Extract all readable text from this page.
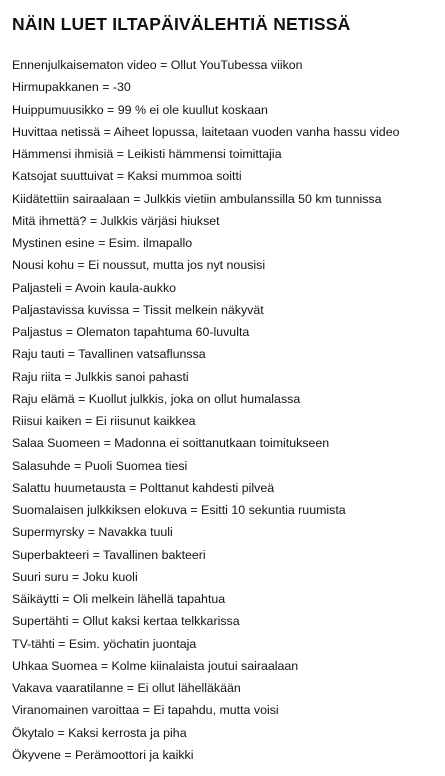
NÄIN LUET ILTAPÄIVÄLEHTIÄ NETISSÄ
Ennenjulkaisematon video = Ollut YouTubessa viikon
Hirmupakkanen = -30
Huippumuusikko = 99 % ei ole kuullut koskaan
Huvittaa netissä = Aiheet lopussa, laitetaan vuoden vanha hassu video
Hämmensi ihmisiä = Leikisti hämmensi toimittajia
Katsojat suuttuivat = Kaksi mummoa soitti
Kiidätettiin sairaalaan = Julkkis vietiin ambulanssilla 50 km tunnissa
Mitä ihmettä? = Julkkis värjäsi hiukset
Mystinen esine = Esim. ilmapallo
Nousi kohu = Ei noussut, mutta jos nyt nousisi
Paljasteli = Avoin kaula-aukko
Paljastavissa kuvissa = Tissit melkein näkyvät
Paljastus = Olematon tapahtuma 60-luvulta
Raju tauti = Tavallinen vatsaflunssa
Raju riita = Julkkis sanoi pahasti
Raju elämä = Kuollut julkkis, joka on ollut humalassa
Riisui kaiken = Ei riisunut kaikkea
Salaa Suomeen = Madonna ei soittanutkaan toimitukseen
Salasuhde = Puoli Suomea tiesi
Salattu huumetausta = Polttanut kahdesti pilveä
Suomalaisen julkkiksen elokuva = Esitti 10 sekuntia ruumista
Supermyrsky = Navakka tuuli
Superbakteeri = Tavallinen bakteeri
Suuri suru = Joku kuoli
Säikäytti = Oli melkein lähellä tapahtua
Supertähti = Ollut kaksi kertaa telkkarissa
TV-tähti = Esim. yöchatin juontaja
Uhkaa Suomea = Kolme kiinalaista joutui sairaalaan
Vakava vaaratilanne = Ei ollut lähelläkään
Viranomainen varoittaa = Ei tapahdu, mutta voisi
Ökytalo = Kaksi kerrosta ja piha
Ökyvene = Perämoottori ja kaikki
